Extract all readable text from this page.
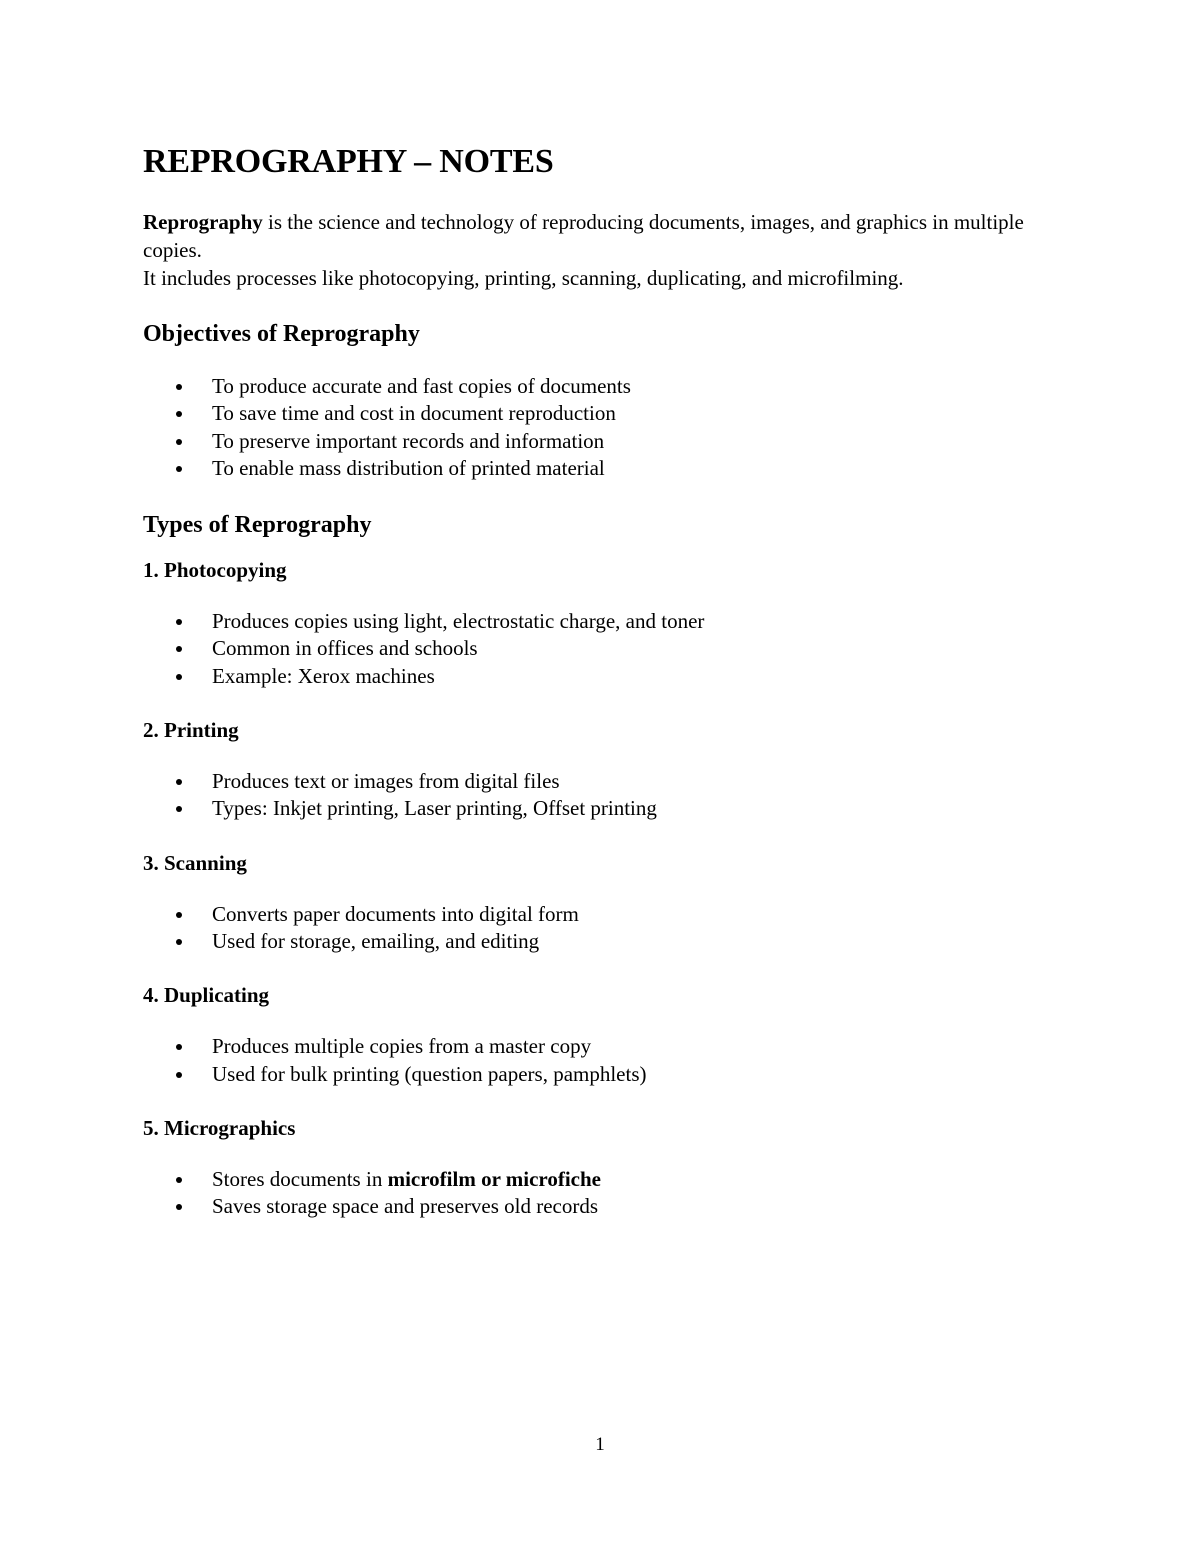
REPROGRAPHY – NOTES

Reprography is the science and technology of reproducing documents, images, and graphics in multiple copies.

It includes processes like photocopying, printing, scanning, duplicating, and microfilming.

Objectives of Reprography
To produce accurate and fast copies of documents
To save time and cost in document reproduction
To preserve important records and information
To enable mass distribution of printed material
Types of Reprography
1. Photocopying
Produces copies using light, electrostatic charge, and toner
Common in offices and schools
Example: Xerox machines
2. Printing
Produces text or images from digital files
Types: Inkjet printing, Laser printing, Offset printing
3. Scanning
Converts paper documents into digital form
Used for storage, emailing, and editing
4. Duplicating
Produces multiple copies from a master copy
Used for bulk printing (question papers, pamphlets)
5. Micrographics
Stores documents in microfilm or microfiche
Saves storage space and preserves old records
1
